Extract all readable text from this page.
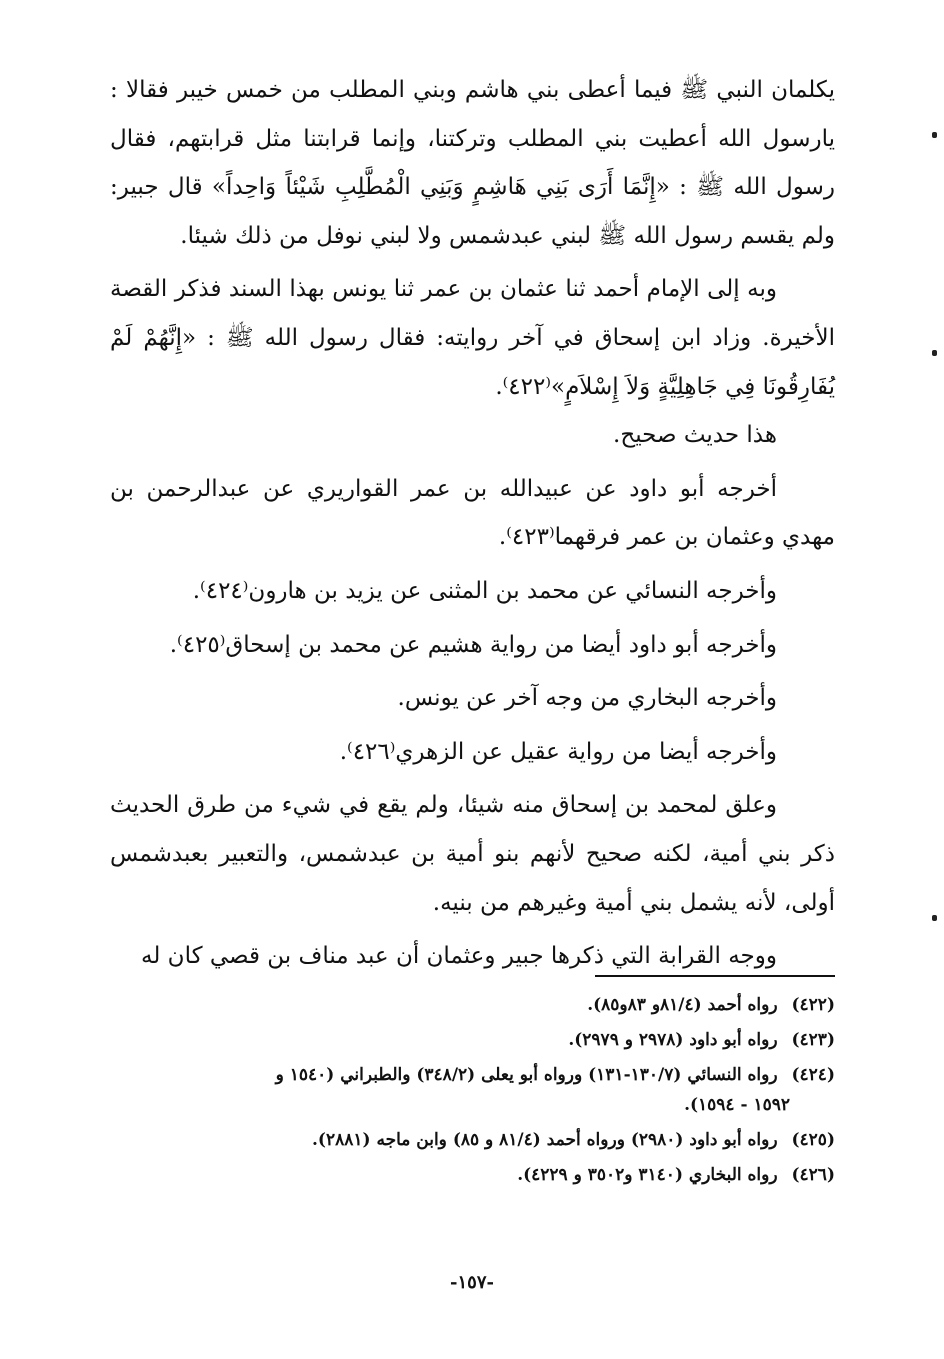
يكلمان النبي ﷺ فيما أعطى بني هاشم وبني المطلب من خمس خيبر فقالا : يارسول الله أعطيت بني المطلب وتركتنا، وإنما قرابتنا مثل قرابتهم، فقال رسول الله ﷺ : «إِنَّمَا أَرَى بَنِي هَاشِمٍ وَبَنِي الْمُطَّلِبِ شَيْئاً وَاحِداً» قال جبير: ولم يقسم رسول الله ﷺ لبني عبدشمس ولا لبني نوفل من ذلك شيئا.

وبه إلى الإمام أحمد ثنا عثمان بن عمر ثنا يونس بهذا السند فذكر القصة الأخيرة. وزاد ابن إسحاق في آخر روايته: فقال رسول الله ﷺ : «إِنَّهُمْ لَمْ يُفَارِقُونَا فِي جَاهِلِيَّةٍ وَلاَ إِسْلاَمٍ»⁽٤٢٢⁾.

هذا حديث صحيح.

أخرجه أبو داود عن عبيدالله بن عمر القواريري عن عبدالرحمن بن مهدي وعثمان بن عمر فرقهما⁽٤٢٣⁾.

وأخرجه النسائي عن محمد بن المثنى عن يزيد بن هارون⁽٤٢٤⁾.

وأخرجه أبو داود أيضا من رواية هشيم عن محمد بن إسحاق⁽٤٢٥⁾.

وأخرجه البخاري من وجه آخر عن يونس.

وأخرجه أيضا من رواية عقيل عن الزهري⁽٤٢٦⁾.

وعلق لمحمد بن إسحاق منه شيئا، ولم يقع في شيء من طرق الحديث ذكر بني أمية، لكنه صحيح لأنهم بنو أمية بن عبدشمس، والتعبير بعبدشمس أولى، لأنه يشمل بني أمية وغيرهم من بنيه.

ووجه القرابة التي ذكرها جبير وعثمان أن عبد مناف بن قصي كان له

(٤٢٢) رواه أحمد (٨١/٤و ٨٣و٨٥).

(٤٢٣) رواه أبو داود (٢٩٧٨ و ٢٩٧٩).

(٤٢٤) رواه النسائي (١٣٠/٧-١٣١) ورواه أبو يعلى (٣٤٨/٢) والطبراني (١٥٤٠ و
١٥٩٢ - ١٥٩٤).

(٤٢٥) رواه أبو داود (٢٩٨٠) ورواه أحمد (٨١/٤ و ٨٥) وابن ماجه (٢٨٨١).

(٤٢٦) رواه البخاري (٣١٤٠ و٣٥٠٢ و ٤٢٢٩).

-١٥٧-
